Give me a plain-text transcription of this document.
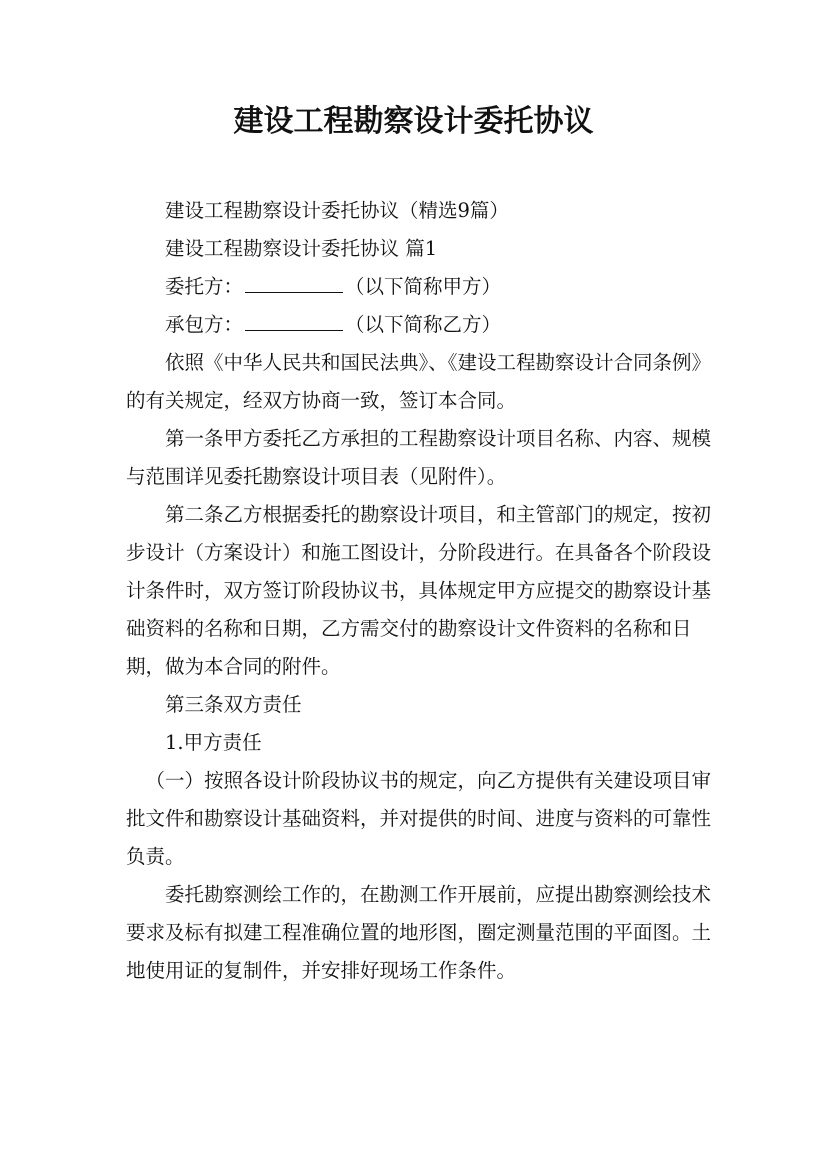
建设工程勘察设计委托协议

建设工程勘察设计委托协议（精选9篇）

建设工程勘察设计委托协议 篇1

委托方：	（以下简称甲方）

承包方：	（以下简称乙方）

依照《中华人民共和国民法典》、《建设工程勘察设计合同条例》的有关规定，经双方协商一致，签订本合同。

第一条甲方委托乙方承担的工程勘察设计项目名称、内容、规模与范围详见委托勘察设计项目表（见附件）。

第二条乙方根据委托的勘察设计项目，和主管部门的规定，按初步设计（方案设计）和施工图设计，分阶段进行。在具备各个阶段设计条件时，双方签订阶段协议书，具体规定甲方应提交的勘察设计基础资料的名称和日期，乙方需交付的勘察设计文件资料的名称和日期，做为本合同的附件。

第三条双方责任

1.甲方责任

（一）按照各设计阶段协议书的规定，向乙方提供有关建设项目审批文件和勘察设计基础资料，并对提供的时间、进度与资料的可靠性负责。

委托勘察测绘工作的，在勘测工作开展前，应提出勘察测绘技术要求及标有拟建工程准确位置的地形图，圈定测量范围的平面图。土地使用证的复制件，并安排好现场工作条件。
